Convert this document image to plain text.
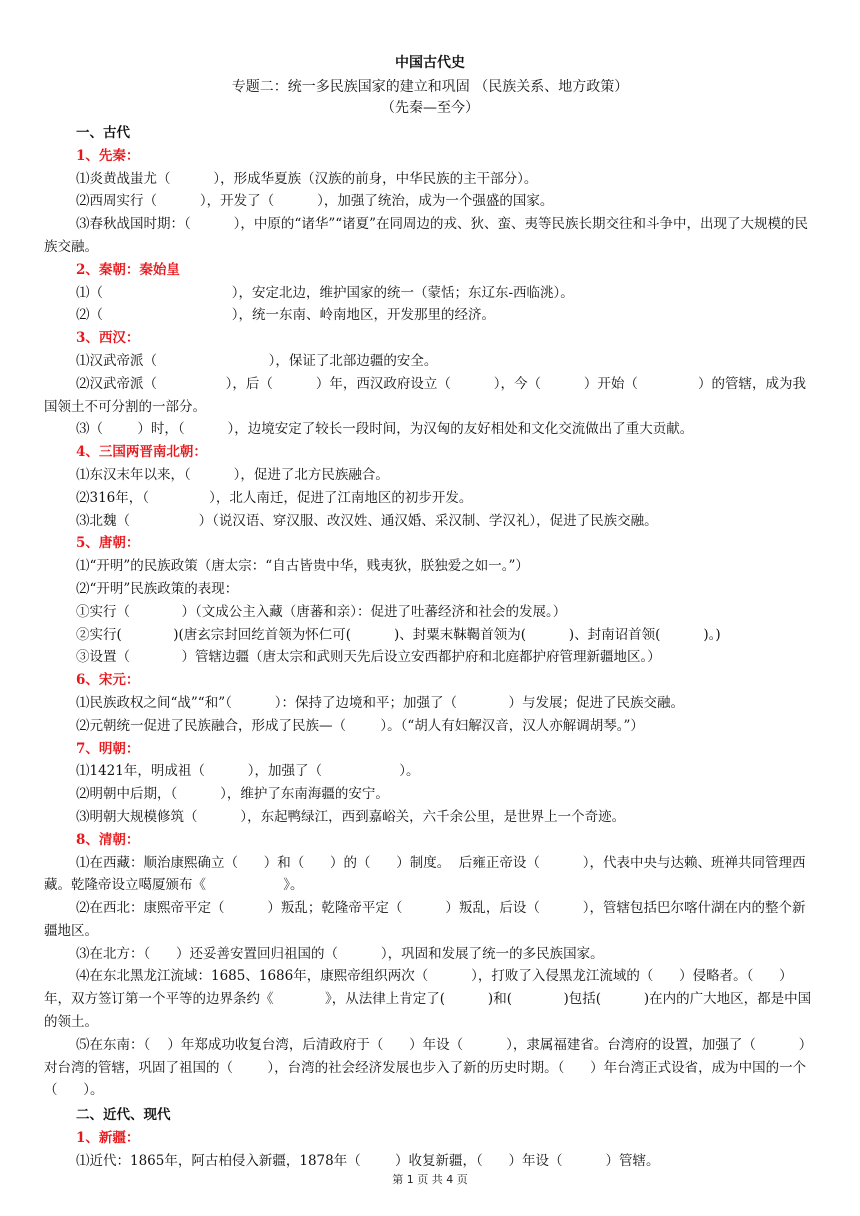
中国古代史
专题二：统一多民族国家的建立和巩固 （民族关系、地方政策）
（先秦—至今）
一、古代
1、先秦：
⑴炎黄战蚩尤（          ），形成华夏族（汉族的前身，中华民族的主干部分）。
⑵西周实行（          ），开发了（          ），加强了统治，成为一个强盛的国家。
⑶春秋战国时期：（          ），中原的“诸华”“诸夏”在同周边的戎、狄、蛮、夷等民族长期交往和斗争中，出现了大规模的民族交融。
2、秦朝：秦始皇
⑴（                              ），安定北边，维护国家的统一（蒙恬；东辽东-西临洮）。
⑵（                              ），统一东南、岭南地区，开发那里的经济。
3、西汉：
⑴汉武帝派（                          ），保证了北部边疆的安全。
⑵汉武帝派（                ），后（          ）年，西汉政府设立（          ），今（          ）开始（              ）的管辖，成为我国领土不可分割的一部分。
⑶（        ）时，（          ），边境安定了较长一段时间，为汉匈的友好相处和文化交流做出了重大贡献。
4、三国两晋南北朝：
⑴东汉末年以来，（          ），促进了北方民族融合。
⑵316年，（              ），北人南迁，促进了江南地区的初步开发。
⑶北魏（                ）（说汉语、穿汉服、改汉姓、通汉婚、采汉制、学汉礼），促进了民族交融。
5、唐朝：
⑴“开明”的民族政策（唐太宗：“自古皆贵中华，贱夷狄，朕独爱之如一。”）
⑵“开明”民族政策的表现：
①实行（            ）（文成公主入藏（唐蕃和亲）：促进了吐蕃经济和社会的发展。）
②实行(            )(唐玄宗封回纥首领为怀仁可(          )、封粟末靺鞨首领为(          )、封南诏首领(          )。)
③设置（            ）管辖边疆（唐太宗和武则天先后设立安西都护府和北庭都护府管理新疆地区。）
6、宋元：
⑴民族政权之间“战”“和”（          ）：保持了边境和平；加强了（            ）与发展；促进了民族交融。
⑵元朝统一促进了民族融合，形成了民族—（        ）。（“胡人有妇解汉音，汉人亦解调胡琴。”）
7、明朝：
⑴1421年，明成祖（          ），加强了（                  ）。
⑵明朝中后期，（          ），维护了东南海疆的安宁。
⑶明朝大规模修筑（          ），东起鸭绿江，西到嘉峪关，六千余公里，是世界上一个奇迹。
8、清朝：
⑴在西藏：顺治康熙确立（      ）和（      ）的（      ）制度。  后雍正帝设（          ），代表中央与达赖、班禅共同管理西藏。乾隆帝设立噶厦颁布《                  》。
⑵在西北：康熙帝平定（          ）叛乱；乾隆帝平定（          ）叛乱，后设（          ），管辖包括巴尔喀什湖在内的整个新疆地区。
⑶在北方：（      ）还妥善安置回归祖国的（          ），巩固和发展了统一的多民族国家。
⑷在东北黑龙江流域：1685、1686年，康熙帝组织两次（          ），打败了入侵黑龙江流域的（      ）侵略者。（      ）年，双方签订第一个平等的边界条约《            》，从法律上肯定了(          )和(            )包括(          )在内的广大地区，都是中国的领土。
⑸在东南：（    ）年郑成功收复台湾，后清政府于（      ）年设（          ），隶属福建省。台湾府的设置，加强了（          ）对台湾的管辖，巩固了祖国的（        ），台湾的社会经济发展也步入了新的历史时期。（      ）年台湾正式设省，成为中国的一个（      ）。
二、近代、现代
1、新疆：
⑴近代：1865年，阿古柏侵入新疆，1878年（        ）收复新疆，（      ）年设（          ）管辖。
第 1 页 共 4 页
